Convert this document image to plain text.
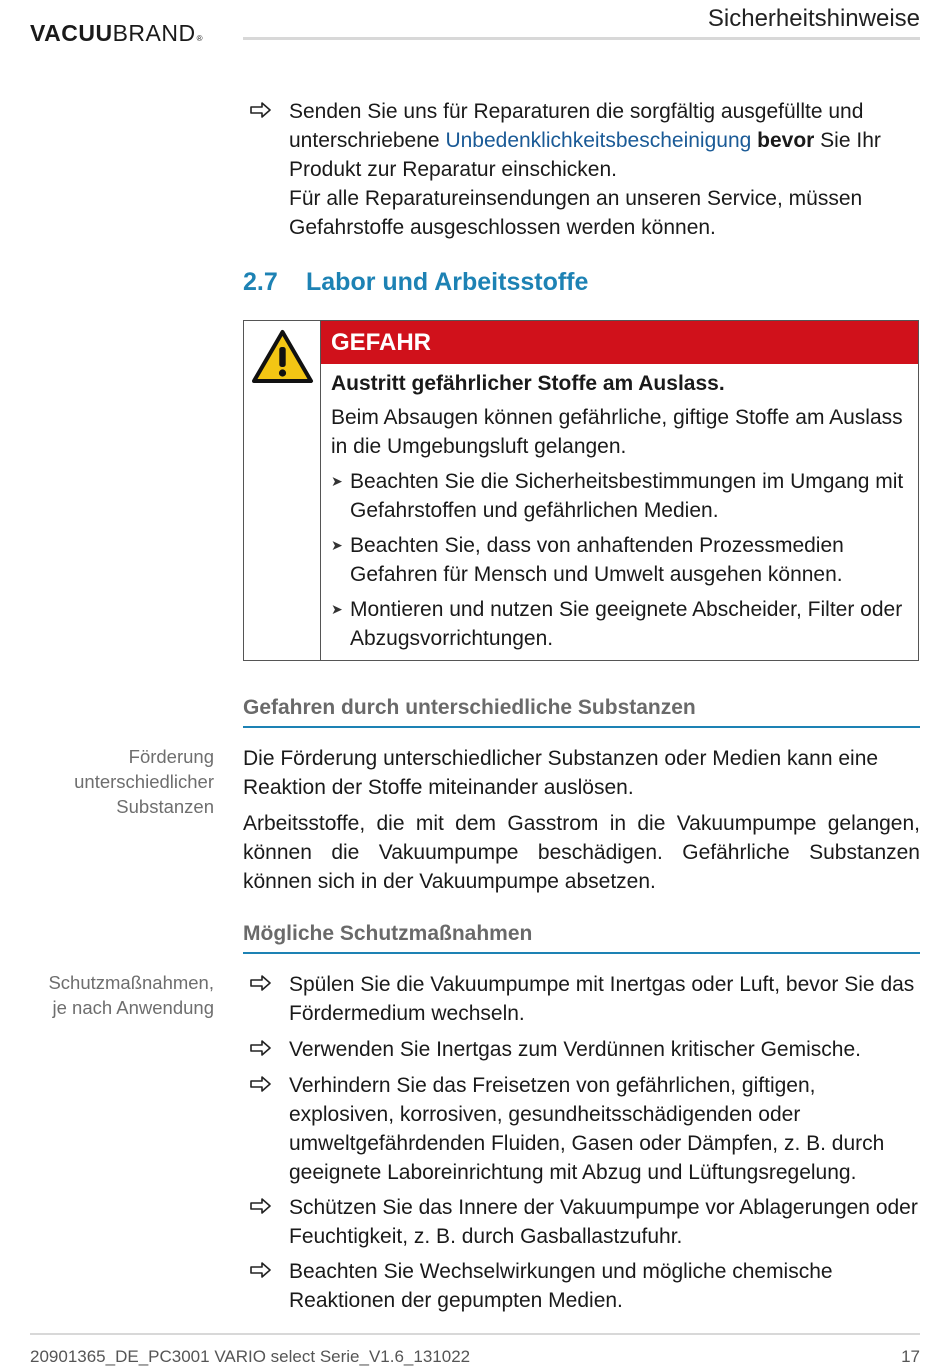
VACUUBRAND®
Sicherheitshinweise
Senden Sie uns für Reparaturen die sorgfältig ausgefüllte und unterschriebene Unbedenklichkeitsbescheinigung bevor Sie Ihr Produkt zur Reparatur einschicken.
Für alle Reparatureinsendungen an unseren Service, müssen Gefahrstoffe ausgeschlossen werden können.
2.7 Labor und Arbeitsstoffe
GEFAHR
Austritt gefährlicher Stoffe am Auslass.
Beim Absaugen können gefährliche, giftige Stoffe am Auslass in die Umgebungsluft gelangen.
➤ Beachten Sie die Sicherheitsbestimmungen im Umgang mit Gefahrstoffen und gefährlichen Medien.
➤ Beachten Sie, dass von anhaftenden Prozessmedien Gefahren für Mensch und Umwelt ausgehen können.
➤ Montieren und nutzen Sie geeignete Abscheider, Filter oder Abzugsvorrichtungen.
Gefahren durch unterschiedliche Substanzen
Förderung unterschiedlicher Substanzen
Die Förderung unterschiedlicher Substanzen oder Medien kann eine Reaktion der Stoffe miteinander auslösen.
Arbeitsstoffe, die mit dem Gasstrom in die Vakuumpumpe gelangen, können die Vakuumpumpe beschädigen. Gefährliche Substanzen können sich in der Vakuumpumpe absetzen.
Mögliche Schutzmaßnahmen
Schutzmaßnahmen, je nach Anwendung
Spülen Sie die Vakuumpumpe mit Inertgas oder Luft, bevor Sie das Fördermedium wechseln.
Verwenden Sie Inertgas zum Verdünnen kritischer Gemische.
Verhindern Sie das Freisetzen von gefährlichen, giftigen, explosiven, korrosiven, gesundheitsschädigenden oder umweltgefährdenden Fluiden, Gasen oder Dämpfen, z. B. durch geeignete Laboreinrichtung mit Abzug und Lüftungsregelung.
Schützen Sie das Innere der Vakuumpumpe vor Ablagerungen oder Feuchtigkeit, z. B. durch Gasballastzufuhr.
Beachten Sie Wechselwirkungen und mögliche chemische Reaktionen der gepumpten Medien.
20901365_DE_PC3001 VARIO select Serie_V1.6_131022	17
